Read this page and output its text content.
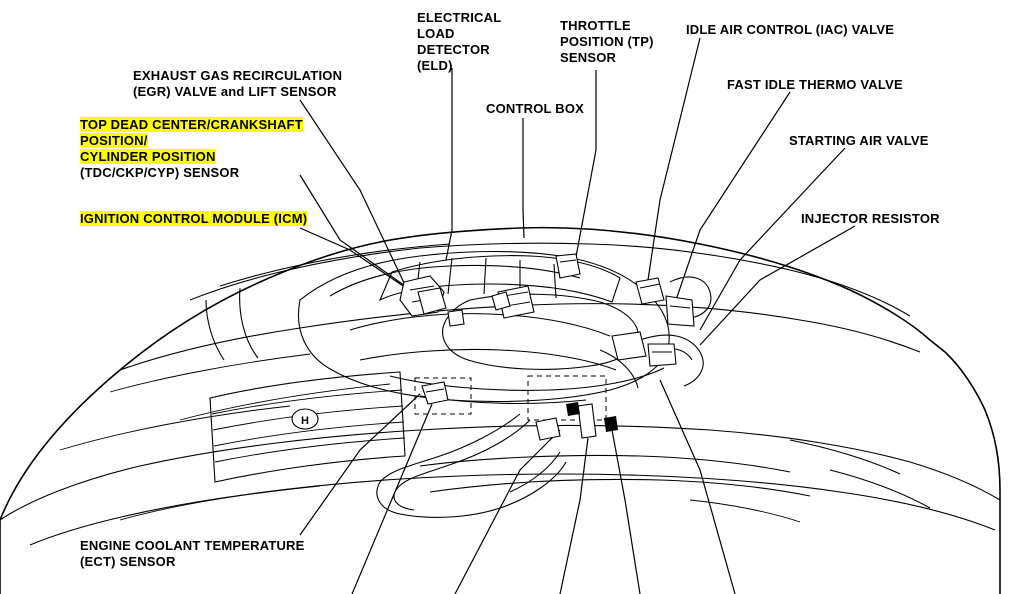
H
ELECTRICAL
LOAD
DETECTOR
(ELD)
THROTTLE
POSITION (TP)
SENSOR
IDLE AIR CONTROL (IAC) VALVE
EXHAUST GAS RECIRCULATION
(EGR) VALVE and LIFT SENSOR	FAST IDLE THERMO VALVE
CONTROL BOX
TOP DEAD CENTER/CRANKSHAFT
POSITION/
CYLINDER POSITION
(TDC/CKP/CYP) SENSOR
STARTING AIR VALVE
IGNITION CONTROL MODULE (ICM)	INJECTOR RESISTOR
ENGINE COOLANT TEMPERATURE
(ECT) SENSOR
